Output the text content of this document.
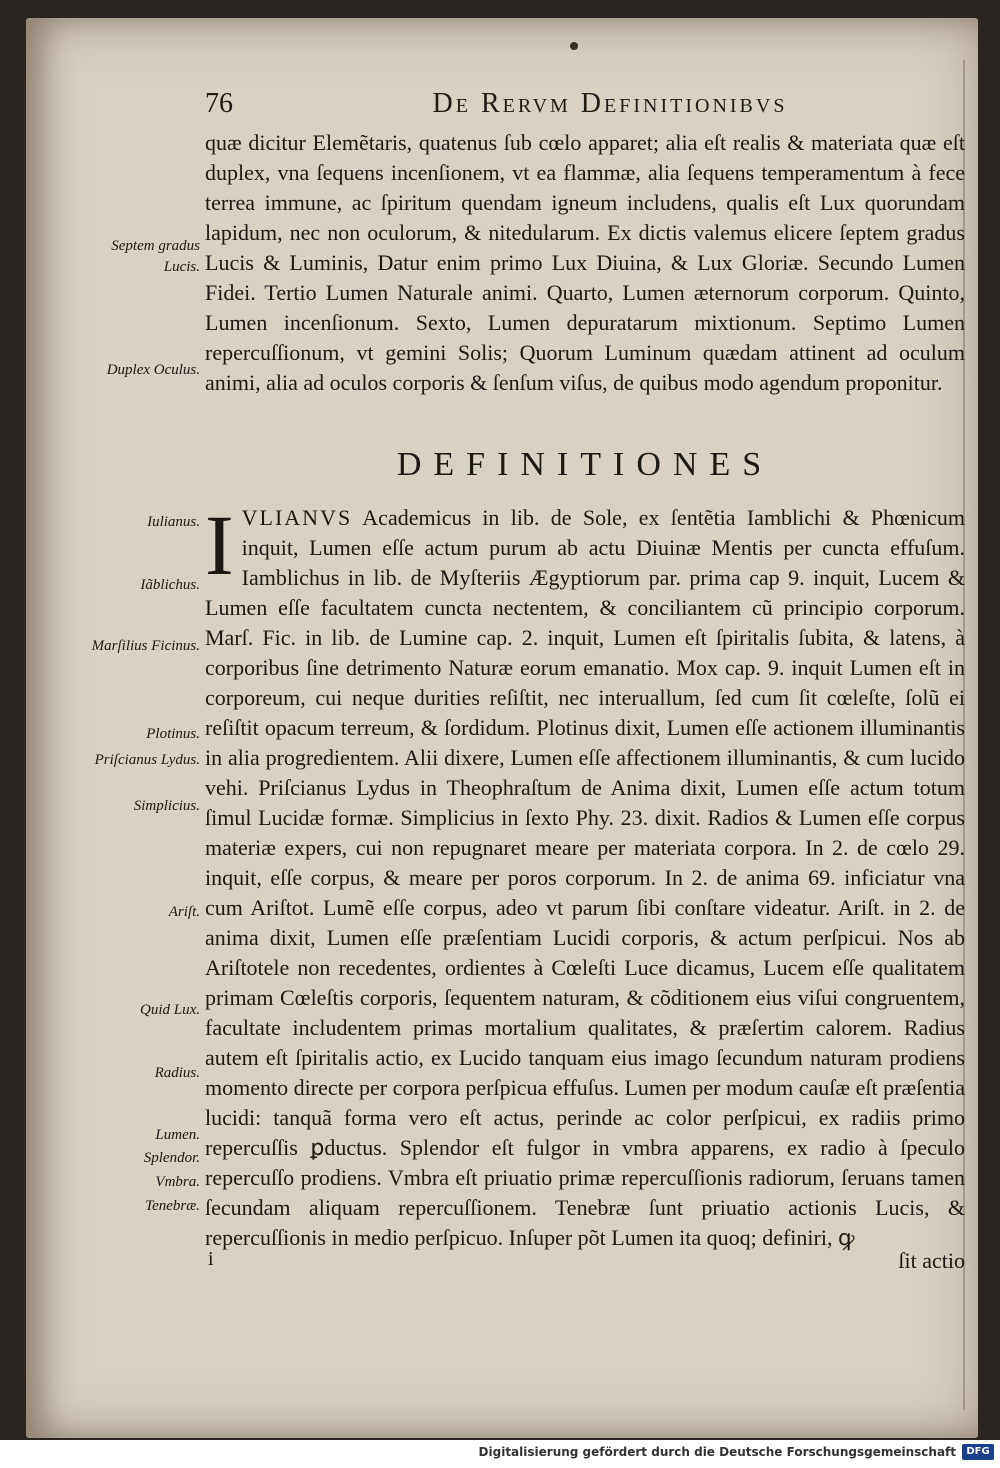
76	De Rervm Definitionibvs
quæ dicitur Elemẽtaris, quatenus ſub cœlo apparet; alia eſt realis & materiata quæ eſt duplex, vna ſequens incenſionem, vt ea flammæ, alia ſequens temperamentum à fece terrea immune, ac ſpiritum quendam igneum includens, qualis eſt Lux quorundam lapidum, nec non oculorum, & nitedularum. Ex dictis valemus elicere ſeptem gradus Lucis & Luminis, Datur enim primo Lux Diuina, & Lux Gloriæ. Secundo Lumen Fidei. Tertio Lumen Naturale animi. Quarto, Lumen æternorum corporum. Quinto, Lumen incenſionum. Sexto, Lumen depuratarum mixtionum. Septimo Lumen repercuſſionum, vt gemini Solis; Quorum Luminum quædam attinent ad oculum animi, alia ad oculos corporis & ſenſum viſus, de quibus modo agendum proponitur.
DEFINITIONES
IVLIANVS Academicus in lib. de Sole, ex ſentẽtia Iamblichi & Phœnicum inquit, Lumen eſſe actum purum ab actu Diuinæ Mentis per cuncta effuſum. Iamblichus in lib. de Myſteriis Ægyptiorum par. prima cap 9. inquit, Lucem & Lumen eſſe facultatem cuncta nectentem, & conciliantem cũ principio corporum. Marſ. Fic. in lib. de Lumine cap. 2. inquit, Lumen eſt ſpiritalis ſubita, & latens, à corporibus ſine detrimento Naturæ eorum emanatio. Mox cap. 9. inquit Lumen eſt in corporeum, cui neque durities reſiſtit, nec interuallum, ſed cum ſit cœleſte, ſolũ ei reſiſtit opacum terreum, & ſordidum. Plotinus dixit, Lumen eſſe actionem illuminantis in alia progredientem. Alii dixere, Lumen eſſe affectionem illuminantis, & cum lucido vehi. Priſcianus Lydus in Theophraſtum de Anima dixit, Lumen eſſe actum totum ſimul Lucidæ formæ. Simplicius in ſexto Phy. 23. dixit. Radios & Lumen eſſe corpus materiæ expers, cui non repugnaret meare per materiata corpora. In 2. de cœlo 29. inquit, eſſe corpus, & meare per poros corporum. In 2. de anima 69. inficiatur vna cum Ariſtot. Lumẽ eſſe corpus, adeo vt parum ſibi conſtare videatur. Ariſt. in 2. de anima dixit, Lumen eſſe præſentiam Lucidi corporis, & actum perſpicui. Nos ab Ariſtotele non recedentes, ordientes à Cœleſti Luce dicamus, Lucem eſſe qualitatem primam Cœleſtis corporis, ſequentem naturam, & cõditionem eius viſui congruentem, facultate includentem primas mortalium qualitates, & præſertim calorem. Radius autem eſt ſpiritalis actio, ex Lucido tanquam eius imago ſecundum naturam prodiens momento directe per corpora perſpicua effuſus. Lumen per modum cauſæ eſt præſentia lucidi: tanquã forma vero eſt actus, perinde ac color perſpicui, ex radiis primo repercuſſis ꝑductus. Splendor eſt fulgor in vmbra apparens, ex radio à ſpeculo repercuſſo prodiens. Vmbra eſt priuatio primæ repercuſſionis radiorum, ſeruans tamen ſecundam aliquam repercuſſionem. Tenebræ ſunt priuatio actionis Lucis, & repercuſſionis in medio perſpicuo. Inſuper põt Lumen ita quoq; definiri, ꝙ
i	ſit actio
Septem gradus Lucis.
Duplex Oculus.
Iulianus.
Iãblichus.
Marſilius Ficinus.
Plotinus.
Priſcianus Lydus.
Simplicius.
Ariſt.
Quid Lux.
Radius.
Lumen.
Splendor.
Vmbra.
Tenebræ.
Digitalisierung gefördert durch die Deutsche Forschungsgemeinschaft	DFG
